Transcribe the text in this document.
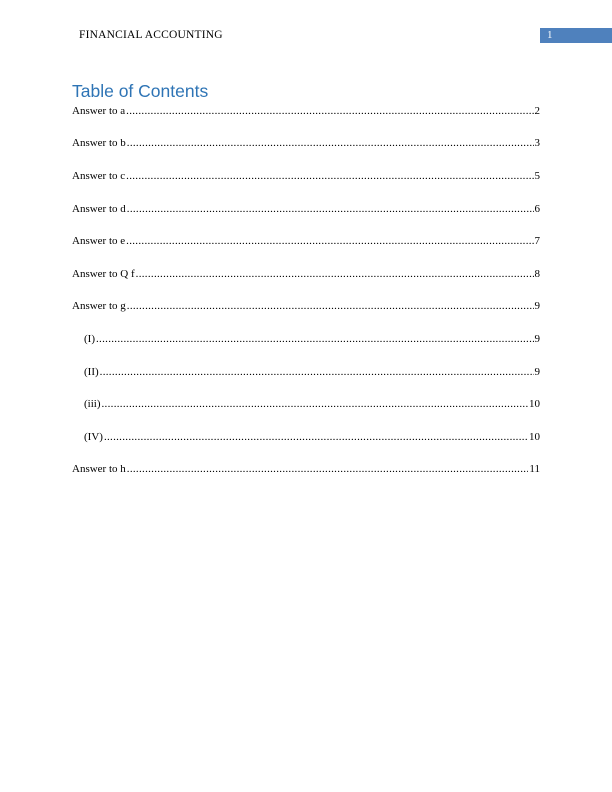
FINANCIAL ACCOUNTING	1
Table of Contents
Answer to a .....	2
Answer to b .....	3
Answer to c .....	5
Answer to d .....	6
Answer to e .....	7
Answer to Q f .....	8
Answer to g .....	9
(I) .....	9
(II) .....	9
(iii) .....	10
(IV) .....	10
Answer to h .....	11
